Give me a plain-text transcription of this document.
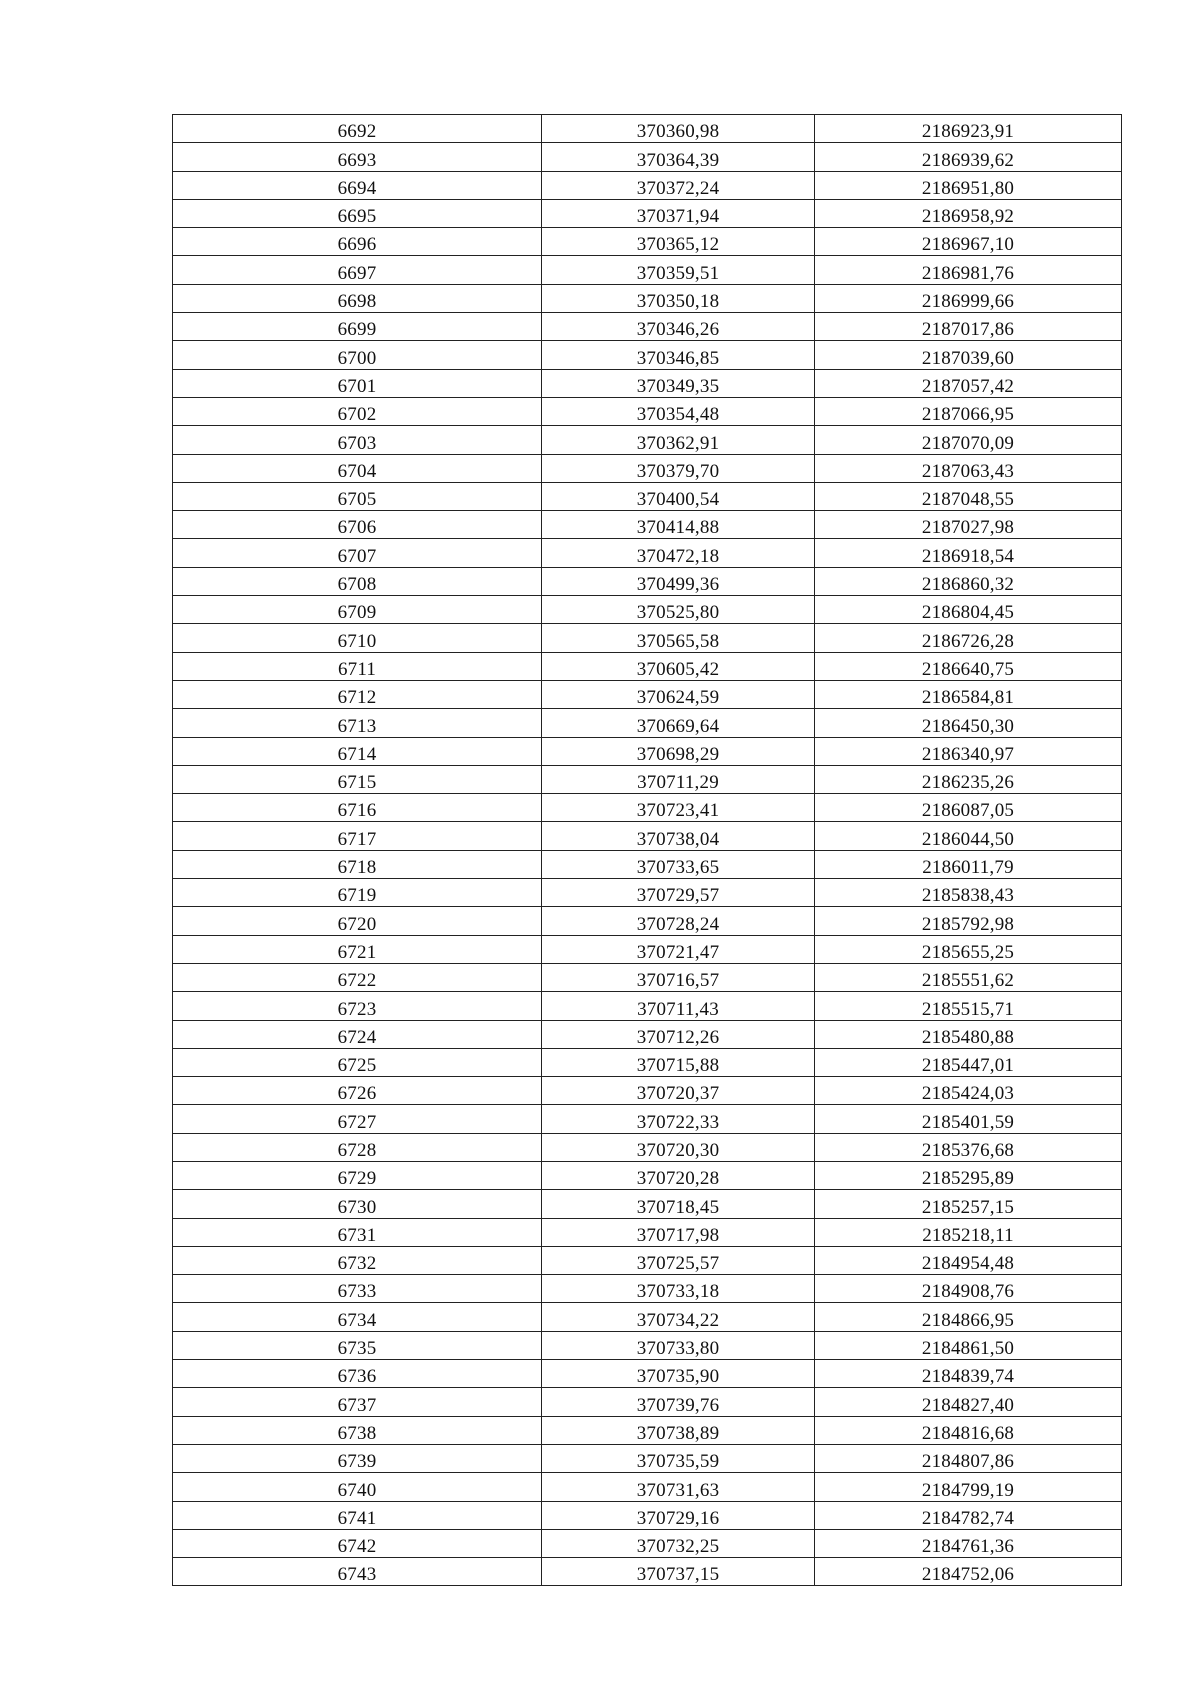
6692	370360,98	2186923,91
6693	370364,39	2186939,62
6694	370372,24	2186951,80
6695	370371,94	2186958,92
6696	370365,12	2186967,10
6697	370359,51	2186981,76
6698	370350,18	2186999,66
6699	370346,26	2187017,86
6700	370346,85	2187039,60
6701	370349,35	2187057,42
6702	370354,48	2187066,95
6703	370362,91	2187070,09
6704	370379,70	2187063,43
6705	370400,54	2187048,55
6706	370414,88	2187027,98
6707	370472,18	2186918,54
6708	370499,36	2186860,32
6709	370525,80	2186804,45
6710	370565,58	2186726,28
6711	370605,42	2186640,75
6712	370624,59	2186584,81
6713	370669,64	2186450,30
6714	370698,29	2186340,97
6715	370711,29	2186235,26
6716	370723,41	2186087,05
6717	370738,04	2186044,50
6718	370733,65	2186011,79
6719	370729,57	2185838,43
6720	370728,24	2185792,98
6721	370721,47	2185655,25
6722	370716,57	2185551,62
6723	370711,43	2185515,71
6724	370712,26	2185480,88
6725	370715,88	2185447,01
6726	370720,37	2185424,03
6727	370722,33	2185401,59
6728	370720,30	2185376,68
6729	370720,28	2185295,89
6730	370718,45	2185257,15
6731	370717,98	2185218,11
6732	370725,57	2184954,48
6733	370733,18	2184908,76
6734	370734,22	2184866,95
6735	370733,80	2184861,50
6736	370735,90	2184839,74
6737	370739,76	2184827,40
6738	370738,89	2184816,68
6739	370735,59	2184807,86
6740	370731,63	2184799,19
6741	370729,16	2184782,74
6742	370732,25	2184761,36
6743	370737,15	2184752,06
